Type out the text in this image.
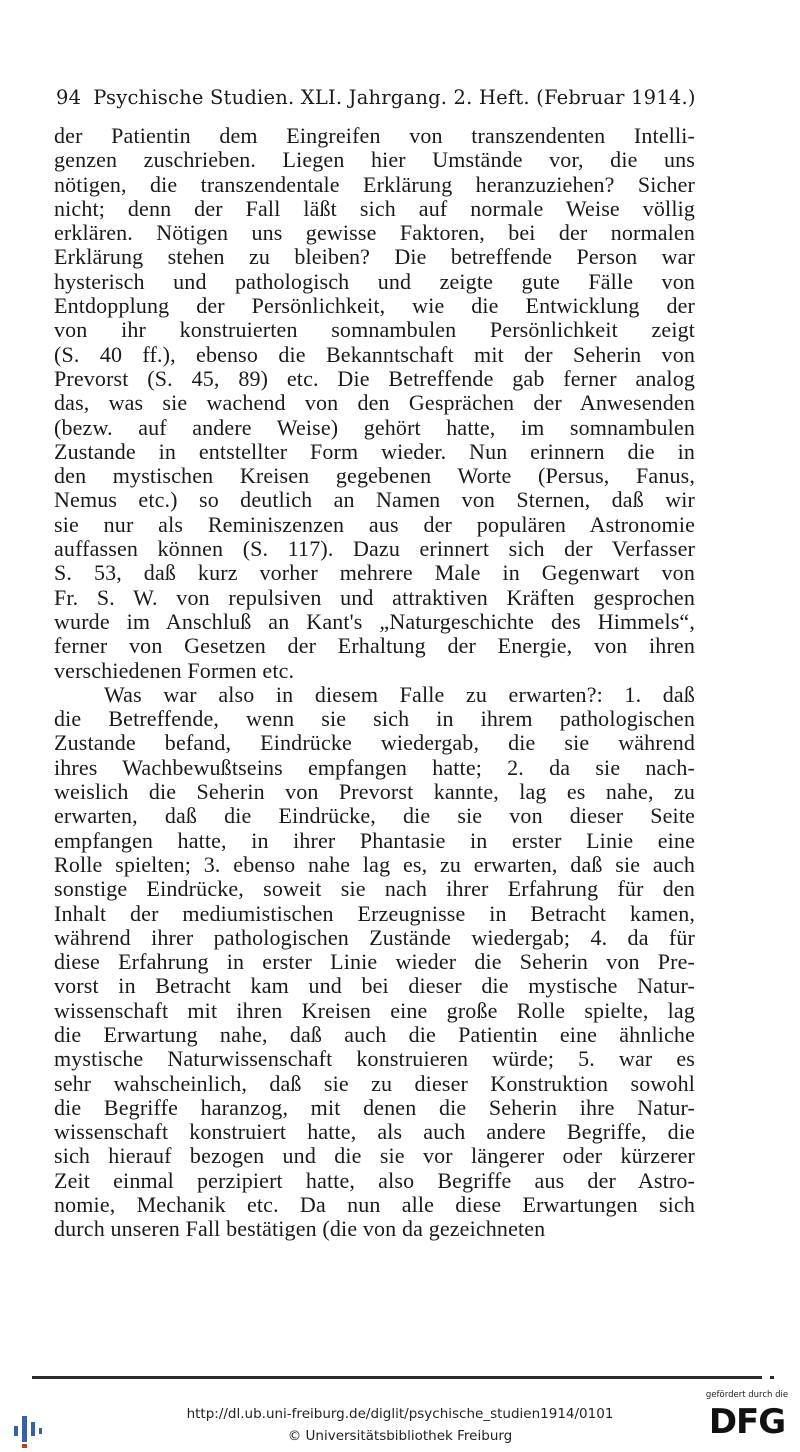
94 Psychische Studien. XLI. Jahrgang. 2. Heft. (Februar 1914.)
der Patientin dem Eingreifen von transzendenten Intelli-
genzen zuschrieben. Liegen hier Umstände vor, die uns
nötigen, die transzendentale Erklärung heranzuziehen? Sicher
nicht; denn der Fall läßt sich auf normale Weise völlig
erklären. Nötigen uns gewisse Faktoren, bei der normalen
Erklärung stehen zu bleiben? Die betreffende Person war
hysterisch und pathologisch und zeigte gute Fälle von
Entdopplung der Persönlichkeit, wie die Entwicklung der
von ihr konstruierten somnambulen Persönlichkeit zeigt
(S. 40 ff.), ebenso die Bekanntschaft mit der Seherin von
Prevorst (S. 45, 89) etc. Die Betreffende gab ferner analog
das, was sie wachend von den Gesprächen der Anwesenden
(bezw. auf andere Weise) gehört hatte, im somnambulen
Zustande in entstellter Form wieder. Nun erinnern die in
den mystischen Kreisen gegebenen Worte (Persus, Fanus,
Nemus etc.) so deutlich an Namen von Sternen, daß wir
sie nur als Reminiszenzen aus der populären Astronomie
auffassen können (S. 117). Dazu erinnert sich der Verfasser
S. 53, daß kurz vorher mehrere Male in Gegenwart von
Fr. S. W. von repulsiven und attraktiven Kräften gesprochen
wurde im Anschluß an Kant's „Naturgeschichte des Himmels“,
ferner von Gesetzen der Erhaltung der Energie, von ihren
verschiedenen Formen etc.
Was war also in diesem Falle zu erwarten?: 1. daß
die Betreffende, wenn sie sich in ihrem pathologischen
Zustande befand, Eindrücke wiedergab, die sie während
ihres Wachbewußtseins empfangen hatte; 2. da sie nach-
weislich die Seherin von Prevorst kannte, lag es nahe, zu
erwarten, daß die Eindrücke, die sie von dieser Seite
empfangen hatte, in ihrer Phantasie in erster Linie eine
Rolle spielten; 3. ebenso nahe lag es, zu erwarten, daß sie auch
sonstige Eindrücke, soweit sie nach ihrer Erfahrung für den
Inhalt der mediumistischen Erzeugnisse in Betracht kamen,
während ihrer pathologischen Zustände wiedergab; 4. da für
diese Erfahrung in erster Linie wieder die Seherin von Pre-
vorst in Betracht kam und bei dieser die mystische Natur-
wissenschaft mit ihren Kreisen eine große Rolle spielte, lag
die Erwartung nahe, daß auch die Patientin eine ähnliche
mystische Naturwissenschaft konstruieren würde; 5. war es
sehr wahscheinlich, daß sie zu dieser Konstruktion sowohl
die Begriffe haranzog, mit denen die Seherin ihre Natur-
wissenschaft konstruiert hatte, als auch andere Begriffe, die
sich hierauf bezogen und die sie vor längerer oder kürzerer
Zeit einmal perzipiert hatte, also Begriffe aus der Astro-
nomie, Mechanik etc. Da nun alle diese Erwartungen sich
durch unseren Fall bestätigen (die von da gezeichneten
http://dl.ub.uni-freiburg.de/diglit/psychische_studien1914/0101
© Universitätsbibliothek Freiburg
gefördert durch die
DFG
